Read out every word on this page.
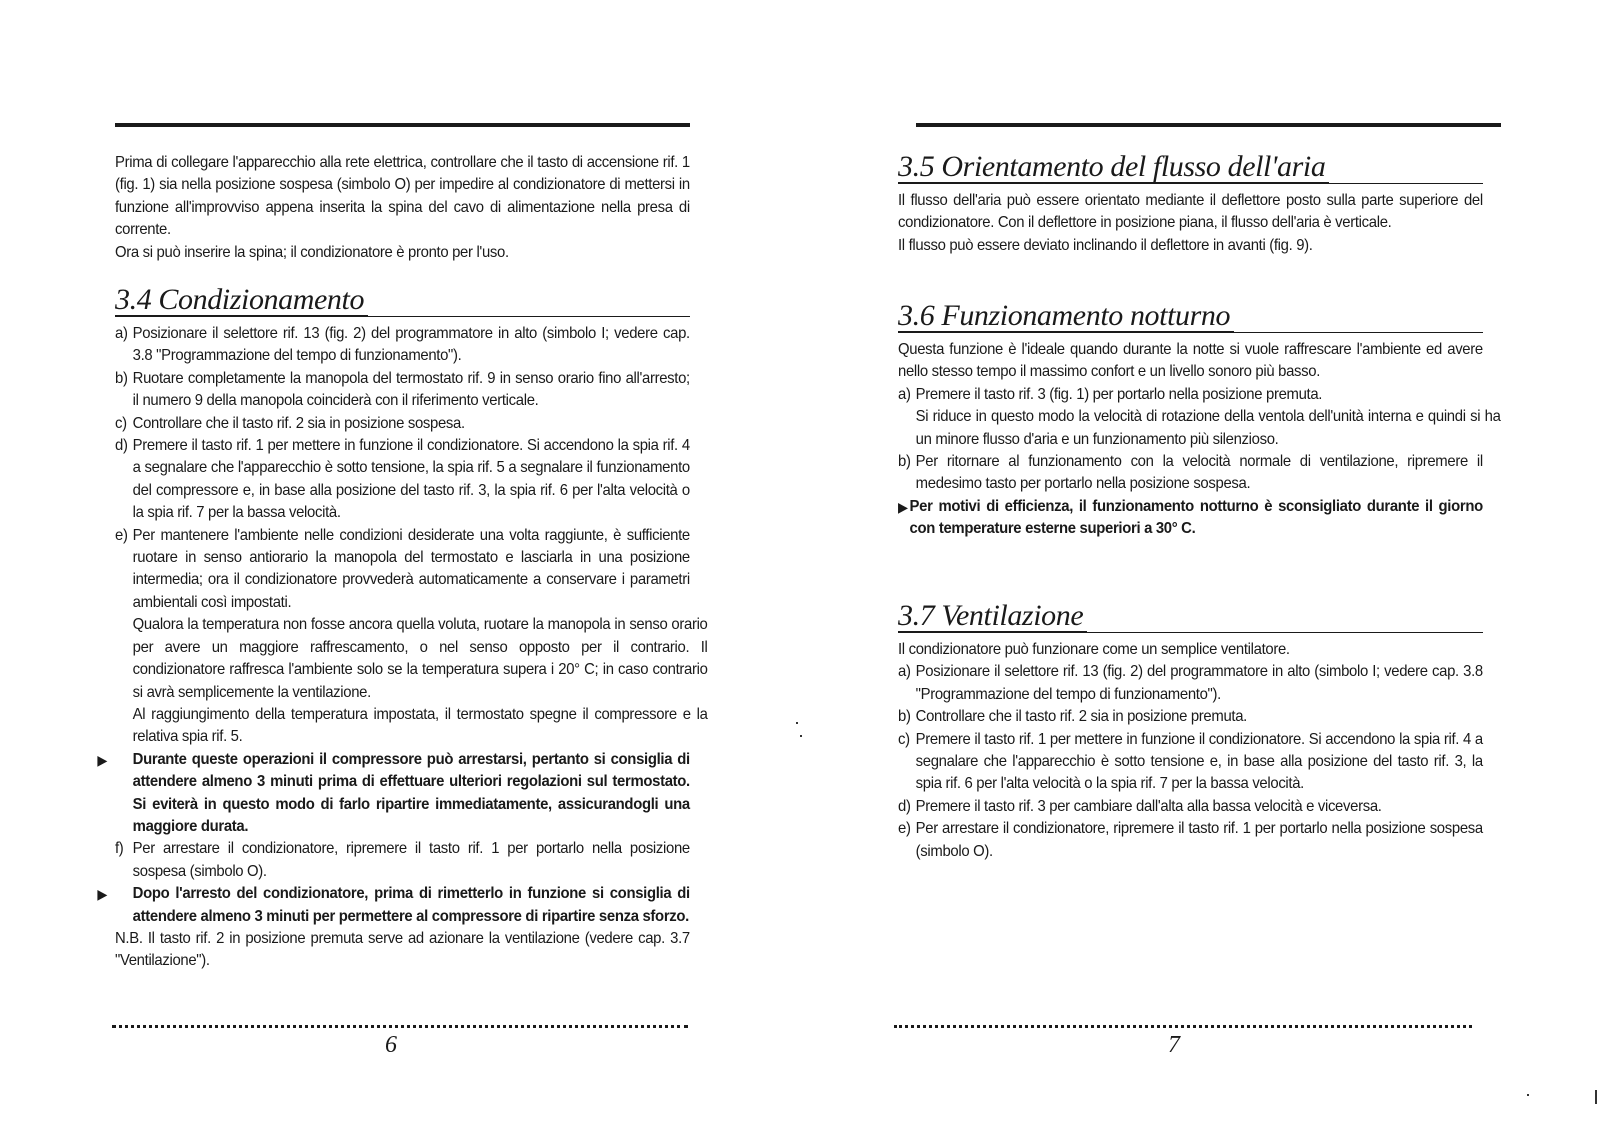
Prima di collegare l'apparecchio alla rete elettrica, controllare che il tasto di accensione rif. 1 (fig. 1) sia nella posizione sospesa (simbolo O) per impedire al condizionatore di mettersi in funzione all'improvviso appena inserita la spina del cavo di alimentazione nella presa di corrente.

Ora si può inserire la spina; il condizionatore è pronto per l'uso.

3.4 Condizionamento
a) Posizionare il selettore rif. 13 (fig. 2) del programmatore in alto (simbolo I; vedere cap. 3.8 "Programmazione del tempo di funzionamento").
b) Ruotare completamente la manopola del termostato rif. 9 in senso orario fino all'arresto; il numero 9 della manopola coinciderà con il riferimento verticale.
c) Controllare che il tasto rif. 2 sia in posizione sospesa.
d) Premere il tasto rif. 1 per mettere in funzione il condizionatore. Si accendono la spia rif. 4 a segnalare che l'apparecchio è sotto tensione, la spia rif. 5 a segnalare il funzionamento del compressore e, in base alla posizione del tasto rif. 3, la spia rif. 6 per l'alta velocità o la spia rif. 7 per la bassa velocità.
e) Per mantenere l'ambiente nelle condizioni desiderate una volta raggiunte, è sufficiente ruotare in senso antiorario la manopola del termostato e lasciarla in una posizione intermedia; ora il condizionatore provvederà automaticamente a conservare i parametri ambientali così impostati.
Qualora la temperatura non fosse ancora quella voluta, ruotare la manopola in senso orario per avere un maggiore raffrescamento, o nel senso opposto per il contrario. Il condizionatore raffresca l'ambiente solo se la temperatura supera i 20° C; in caso contrario si avrà semplicemente la ventilazione.
Al raggiungimento della temperatura impostata, il termostato spegne il compressore e la relativa spia rif. 5.
▶	Durante queste operazioni il compressore può arrestarsi, pertanto si consiglia di attendere almeno 3 minuti prima di effettuare ulteriori regolazioni sul termostato. Si eviterà in questo modo di farlo ripartire immediatamente, assicurandogli una maggiore durata.
f) Per arrestare il condizionatore, ripremere il tasto rif. 1 per portarlo nella posizione sospesa (simbolo O).
▶	Dopo l'arresto del condizionatore, prima di rimetterlo in funzione si consiglia di attendere almeno 3 minuti per permettere al compressore di ripartire senza sforzo.

N.B. Il tasto rif. 2 in posizione premuta serve ad azionare la ventilazione (vedere cap. 3.7 "Ventilazione").

6
3.5 Orientamento del flusso dell'aria

Il flusso dell'aria può essere orientato mediante il deflettore posto sulla parte superiore del condizionatore. Con il deflettore in posizione piana, il flusso dell'aria è verticale.

Il flusso può essere deviato inclinando il deflettore in avanti (fig. 9).

3.6 Funzionamento notturno

Questa funzione è l'ideale quando durante la notte si vuole raffrescare l'ambiente ed avere nello stesso tempo il massimo confort e un livello sonoro più basso.

a) Premere il tasto rif. 3 (fig. 1) per portarlo nella posizione premuta.
Si riduce in questo modo la velocità di rotazione della ventola dell'unità interna e quindi si ha un minore flusso d'aria e un funzionamento più silenzioso.
b) Per ritornare al funzionamento con la velocità normale di ventilazione, ripremere il medesimo tasto per portarlo nella posizione sospesa.
▶ Per motivi di efficienza, il funzionamento notturno è sconsigliato durante il giorno con temperature esterne superiori a 30° C.
3.7 Ventilazione

Il condizionatore può funzionare come un semplice ventilatore.

a) Posizionare il selettore rif. 13 (fig. 2) del programmatore in alto (simbolo I; vedere cap. 3.8 "Programmazione del tempo di funzionamento").
b) Controllare che il tasto rif. 2 sia in posizione premuta.
c) Premere il tasto rif. 1 per mettere in funzione il condizionatore. Si accendono la spia rif. 4 a segnalare che l'apparecchio è sotto tensione e, in base alla posizione del tasto rif. 3, la spia rif. 6 per l'alta velocità o la spia rif. 7 per la bassa velocità.
d) Premere il tasto rif. 3 per cambiare dall'alta alla bassa velocità e viceversa.
e) Per arrestare il condizionatore, ripremere il tasto rif. 1 per portarlo nella posizione sospesa (simbolo O).
7
